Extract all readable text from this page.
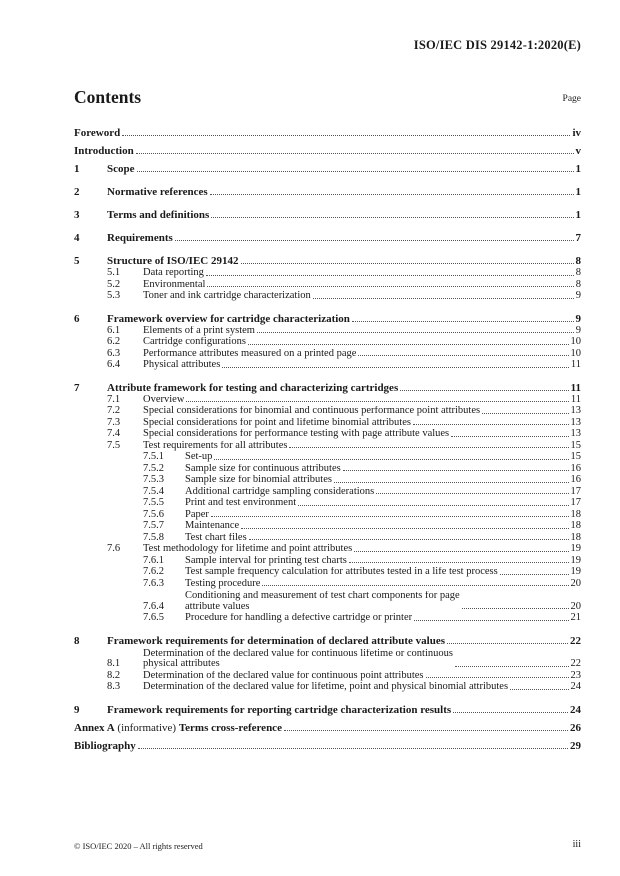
ISO/IEC DIS 29142-1:2020(E)
Contents	Page
Foreword	iv
Introduction	v
1	Scope	1
2	Normative references	1
3	Terms and definitions	1
4	Requirements	7
5	Structure of ISO/IEC 29142	8
5.1	Data reporting	8
5.2	Environmental	8
5.3	Toner and ink cartridge characterization	9
6	Framework overview for cartridge characterization	9
6.1	Elements of a print system	9
6.2	Cartridge configurations	10
6.3	Performance attributes measured on a printed page	10
6.4	Physical attributes	11
7	Attribute framework for testing and characterizing cartridges	11
7.1	Overview	11
7.2	Special considerations for binomial and continuous performance point attributes	13
7.3	Special considerations for point and lifetime binomial attributes	13
7.4	Special considerations for performance testing with page attribute values	13
7.5	Test requirements for all attributes	15
7.5.1	Set-up	15
7.5.2	Sample size for continuous attributes	16
7.5.3	Sample size for binomial attributes	16
7.5.4	Additional cartridge sampling considerations	17
7.5.5	Print and test environment	17
7.5.6	Paper	18
7.5.7	Maintenance	18
7.5.8	Test chart files	18
7.6	Test methodology for lifetime and point attributes	19
7.6.1	Sample interval for printing test charts	19
7.6.2	Test sample frequency calculation for attributes tested in a life test process	19
7.6.3	Testing procedure	20
7.6.4
Conditioning and measurement of test chart components for page
attribute values	20
7.6.5	Procedure for handling a defective cartridge or printer	21
8	Framework requirements for determination of declared attribute values	22
8.1
Determination of the declared value for continuous lifetime or continuous
physical attributes	22
8.2	Determination of the declared value for continuous point attributes	23
8.3	Determination of the declared value for lifetime, point and physical binomial attributes	24
9	Framework requirements for reporting cartridge characterization results	24
Annex A (informative) Terms cross-reference	26
Bibliography	29
© ISO/IEC 2020 – All rights reserved	iii
